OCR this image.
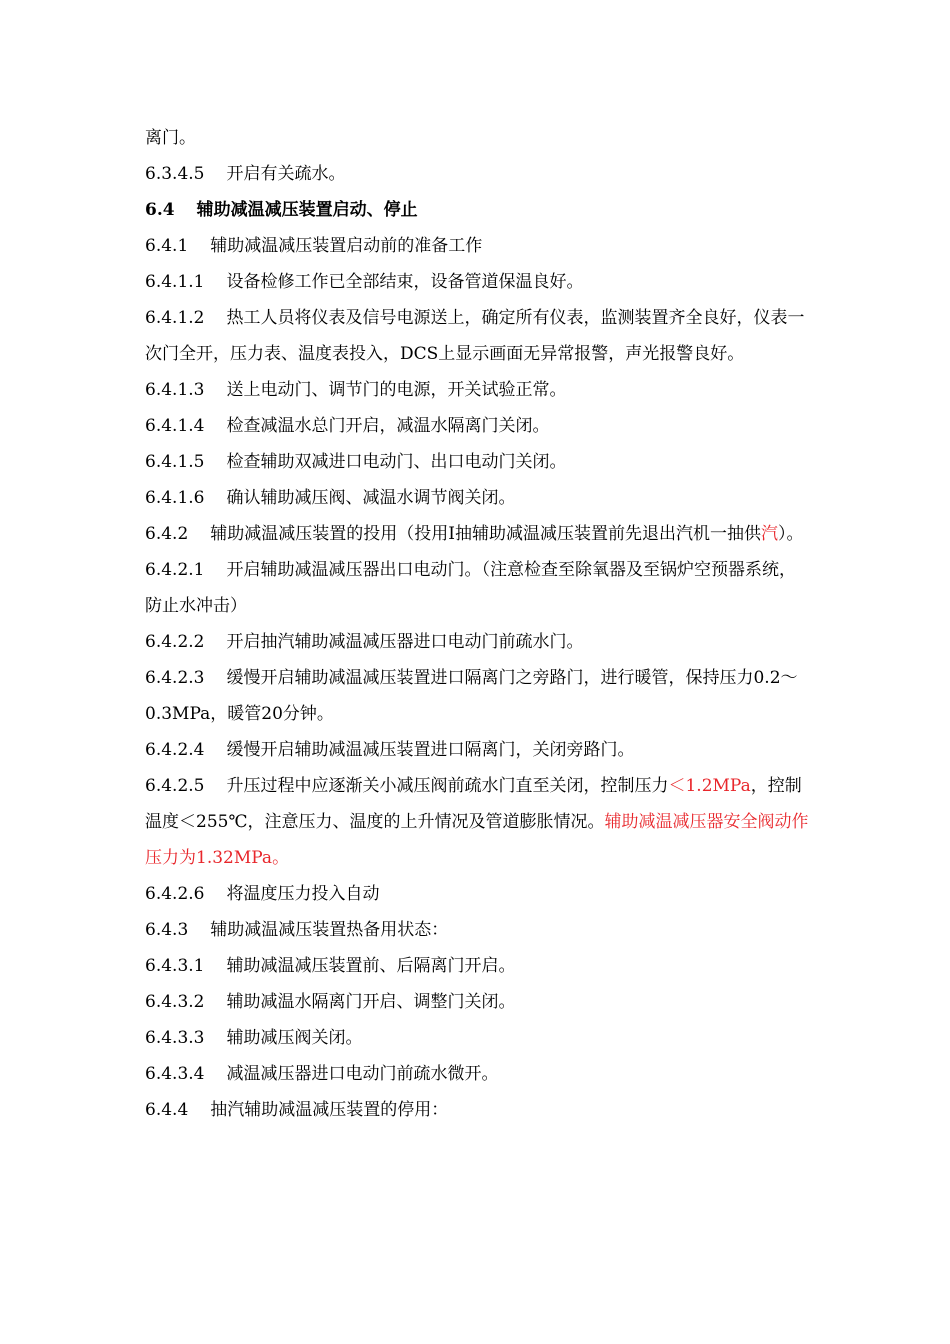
离门。

6.3.4.5 开启有关疏水。

6.4 辅助减温减压装置启动、停止

6.4.1 辅助减温减压装置启动前的准备工作

6.4.1.1 设备检修工作已全部结束，设备管道保温良好。

6.4.1.2 热工人员将仪表及信号电源送上，确定所有仪表，监测装置齐全良好，仪表一次门全开，压力表、温度表投入，DCS上显示画面无异常报警，声光报警良好。

6.4.1.3 送上电动门、调节门的电源，开关试验正常。

6.4.1.4 检查减温水总门开启，减温水隔离门关闭。

6.4.1.5 检查辅助双减进口电动门、出口电动门关闭。

6.4.1.6 确认辅助减压阀、减温水调节阀关闭。

6.4.2 辅助减温减压装置的投用（投用Ⅰ抽辅助减温减压装置前先退出汽机一抽供汽）。

6.4.2.1 开启辅助减温减压器出口电动门。（注意检查至除氧器及至锅炉空预器系统，防止水冲击）

6.4.2.2 开启抽汽辅助减温减压器进口电动门前疏水门。

6.4.2.3 缓慢开启辅助减温减压装置进口隔离门之旁路门，进行暖管，保持压力0.2～0.3MPa，暖管20分钟。

6.4.2.4 缓慢开启辅助减温减压装置进口隔离门，关闭旁路门。

6.4.2.5 升压过程中应逐渐关小减压阀前疏水门直至关闭，控制压力＜1.2MPa，控制温度＜255℃，注意压力、温度的上升情况及管道膨胀情况。辅助减温减压器安全阀动作压力为1.32MPa。

6.4.2.6 将温度压力投入自动

6.4.3 辅助减温减压装置热备用状态：

6.4.3.1 辅助减温减压装置前、后隔离门开启。

6.4.3.2 辅助减温水隔离门开启、调整门关闭。

6.4.3.3 辅助减压阀关闭。

6.4.3.4 减温减压器进口电动门前疏水微开。

6.4.4 抽汽辅助减温减压装置的停用：
